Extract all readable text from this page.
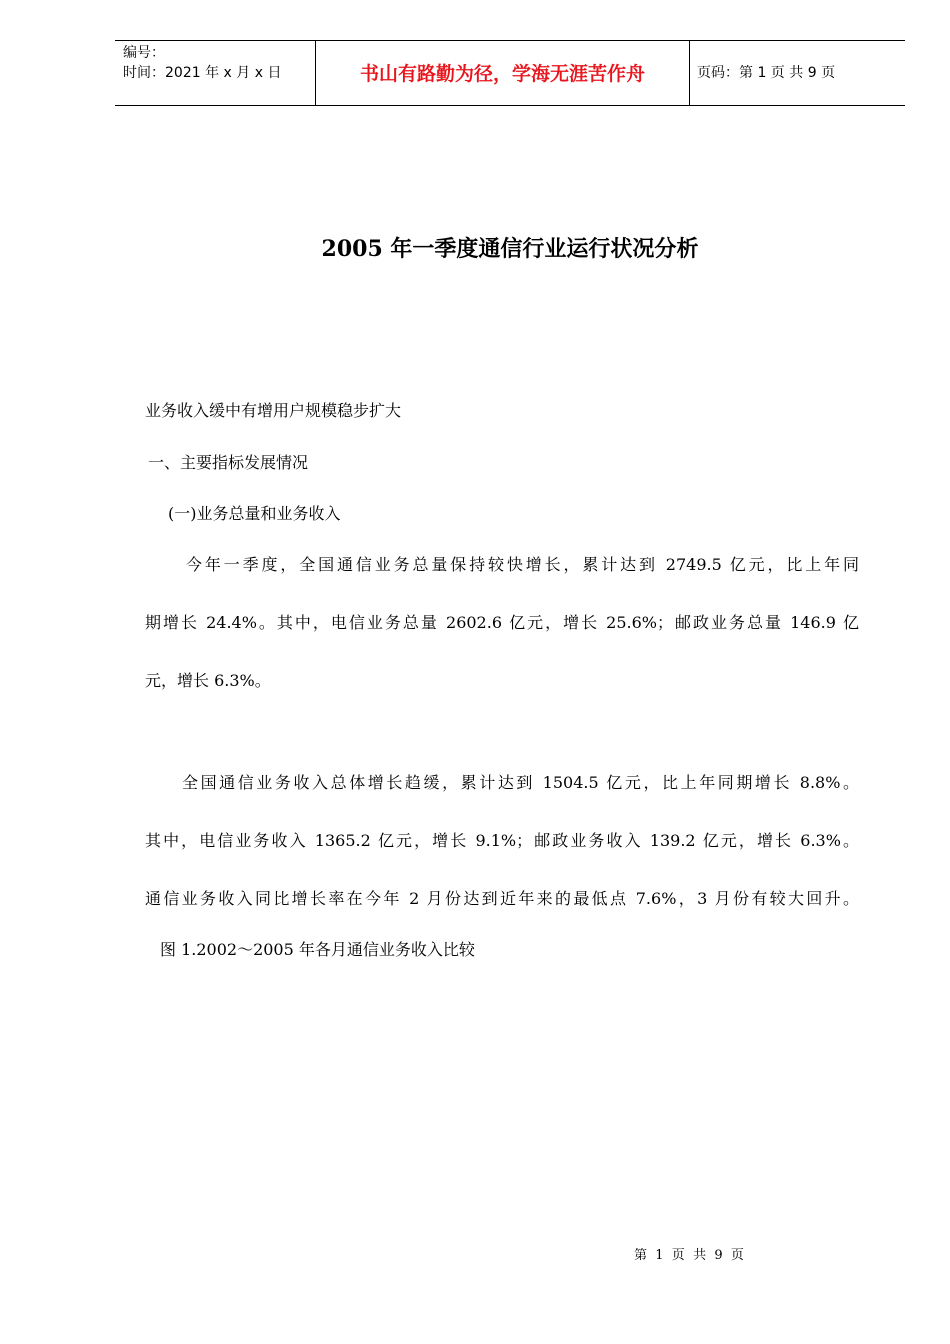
编号：
时间：2021 年 x 月 x 日	书山有路勤为径，学海无涯苦作舟	页码：第 1 页 共 9 页
2005 年一季度通信行业运行状况分析
业务收入缓中有增用户规模稳步扩大
一、主要指标发展情况
(一)业务总量和业务收入
今年一季度，全国通信业务总量保持较快增长，累计达到 2749.5 亿元，比上年同
期增长 24.4%。其中，电信业务总量 2602.6 亿元，增长 25.6%；邮政业务总量 146.9 亿
元，增长 6.3%。
全国通信业务收入总体增长趋缓，累计达到 1504.5 亿元，比上年同期增长 8.8%。
其中，电信业务收入 1365.2 亿元，增长 9.1%；邮政业务收入 139.2 亿元，增长 6.3%。
通信业务收入同比增长率在今年 2 月份达到近年来的最低点 7.6%，3 月份有较大回升。
图 1.2002～2005 年各月通信业务收入比较
第  1  页  共  9  页
